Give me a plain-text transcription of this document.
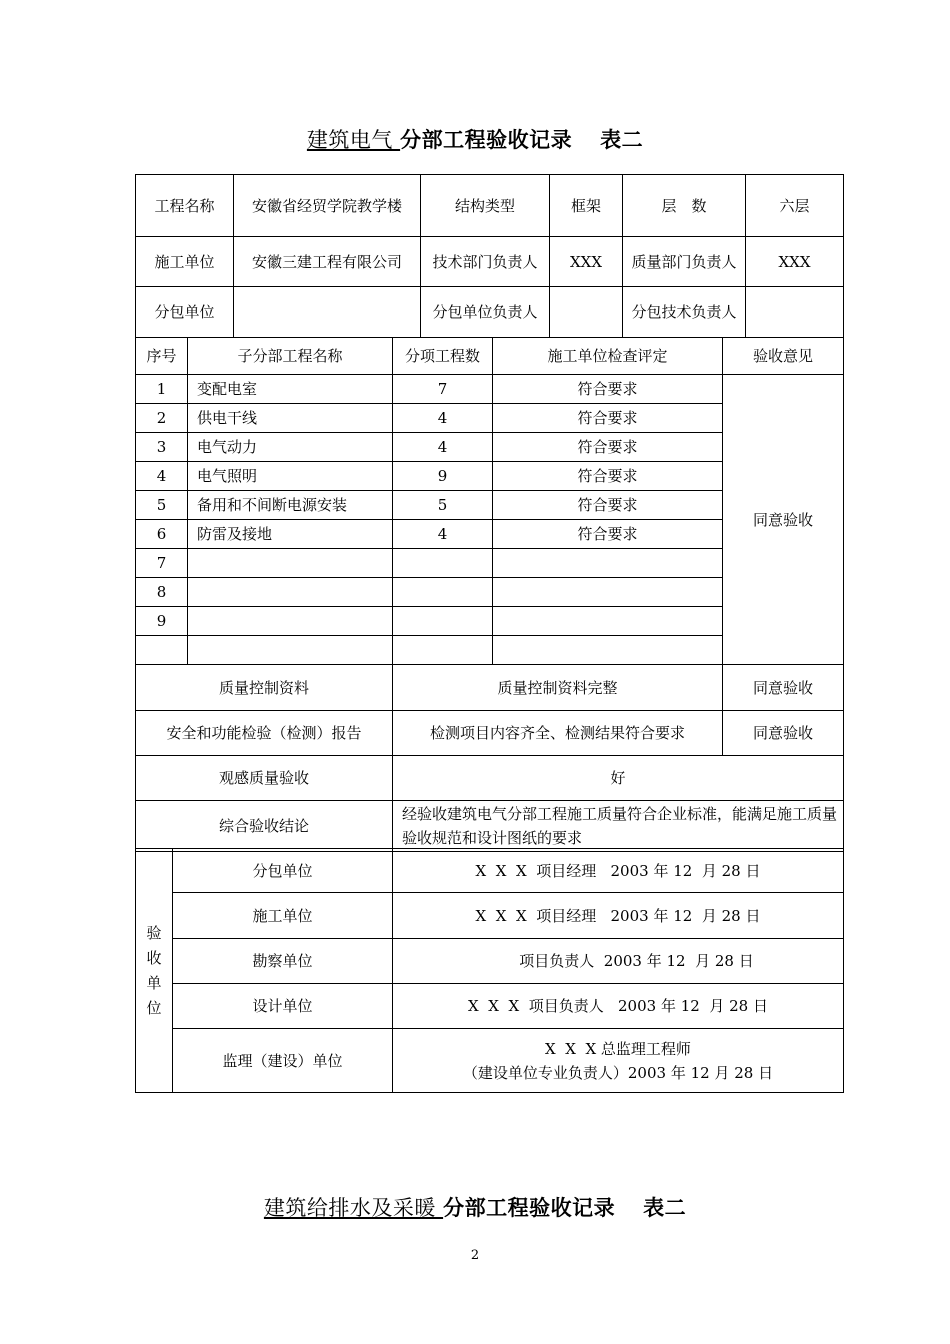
建筑电气 分部工程验收记录 表二
工程名称	安徽省经贸学院教学楼	结构类型	框架	层　数	六层
施工单位	安徽三建工程有限公司	技术部门负责人	XXX	质量部门负责人	XXX
分包单位		分包单位负责人		分包技术负责人	
序号	子分部工程名称	分项工程数	施工单位检查评定	验收意见
1	变配电室	7	符合要求	同意验收
2	供电干线	4	符合要求	
3	电气动力	4	符合要求	
4	电气照明	9	符合要求	
5	备用和不间断电源安装	5	符合要求	
6	防雷及接地	4	符合要求	
7				
8				
9				

质量控制资料		质量控制资料完整		同意验收
安全和功能检验（检测）报告		检测项目内容齐全、检测结果符合要求		同意验收
观感质量验收		好		
综合验收结论		经验收建筑电气分部工程施工质量符合企业标准，能满足施工质量验收规范和设计图纸的要求		
验
收
单
位	分包单位	X  X  X  项目经理   2003 年 12  月 28 日
	施工单位	X  X  X  项目经理   2003 年 12  月 28 日
	勘察单位	项目负责人  2003 年 12  月 28 日
	设计单位	X  X  X  项目负责人   2003 年 12  月 28 日
	监理（建设）单位	X  X  X 总监理工程师
（建设单位专业负责人）2003 年 12 月 28 日
建筑给排水及采暖 分部工程验收记录 表二
2
